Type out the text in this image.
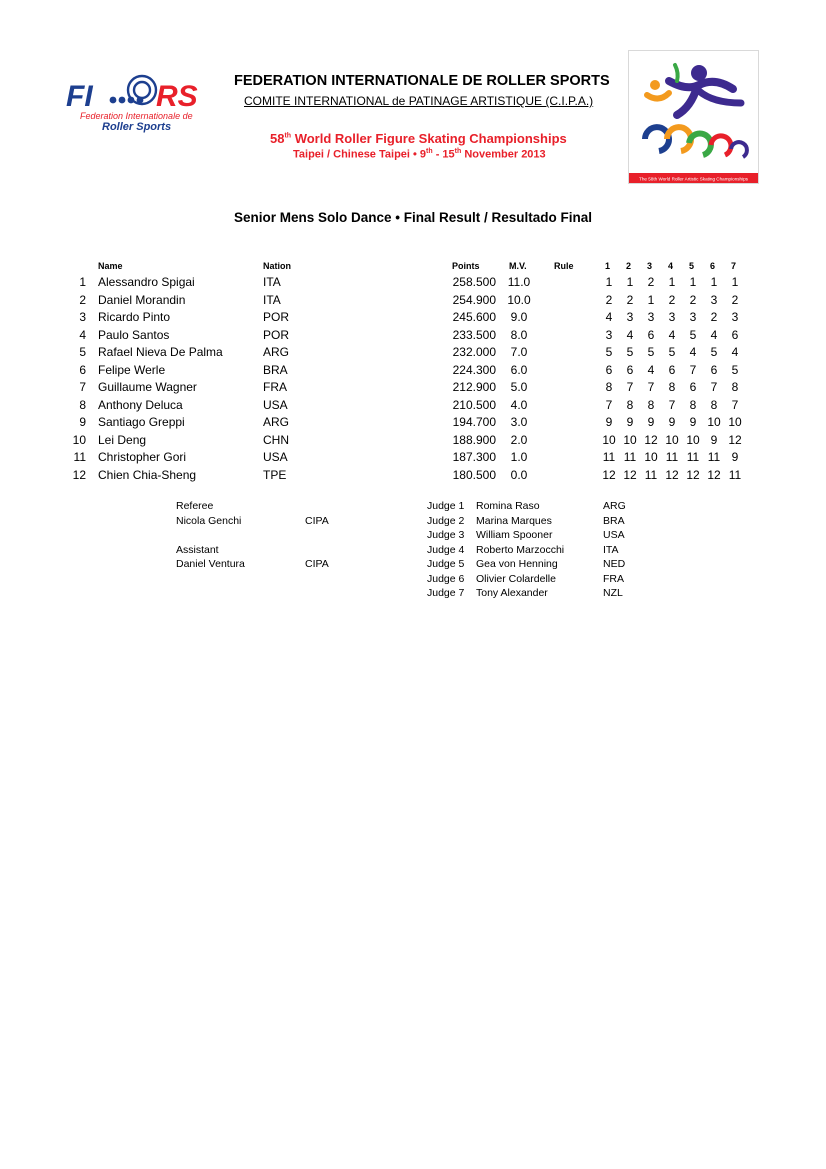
FI RS
Federation Internationale de
Roller Sports
The 58th World Roller Artistic Skating Championships
FEDERATION INTERNATIONALE DE ROLLER SPORTS
COMITE INTERNATIONAL de PATINAGE ARTISTIQUE (C.I.P.A.)
58th World Roller Figure Skating Championships
Taipei / Chinese Taipei • 9th - 15th November 2013
Senior Mens Solo Dance • Final Result / Resultado Final
Name	Nation	Points	M.V.	Rule	1 2 3 4 5 6 7
1 Alessandro Spigai	ITA	258.500 11.0	1	1	2	1	1	1	1
2 Daniel Morandin	ITA	254.900 10.0	2	2	1	2	2	3	2
3 Ricardo Pinto	POR	245.600	9.0	4	3	3	3	3	2	3
4 Paulo Santos	POR	233.500	8.0	3	4	6	4	5	4	6
5 Rafael Nieva De Palma	ARG	232.000	7.0	5	5	5	5	4	5	4
6 Felipe Werle	BRA	224.300	6.0	6	6	4	6	7	6	5
7 Guillaume Wagner	FRA	212.900	5.0	8	7	7	8	6	7	8
8 Anthony Deluca	USA	210.500	4.0	7	8	8	7	8	8	7
9 Santiago Greppi	ARG	194.700	3.0	9	9	9	9	9 10 10
10 Lei Deng	CHN	188.900	2.0	10 10 12 10 10 9 12
11 Christopher Gori	USA	187.300	1.0	11 11 10 11 11 11 9
12 Chien Chia-Sheng	TPE	180.500	0.0	12 12 11 12 12 12 11
Referee
Nicola Genchi	CIPA
Assistant
Daniel Ventura	CIPA
Judge 1 Romina Raso	ARG
Judge 2 Marina Marques	BRA
Judge 3 William Spooner	USA
Judge 4 Roberto Marzocchi	ITA
Judge 5 Gea von Henning	NED
Judge 6 Olivier Colardelle	FRA
Judge 7 Tony Alexander	NZL
